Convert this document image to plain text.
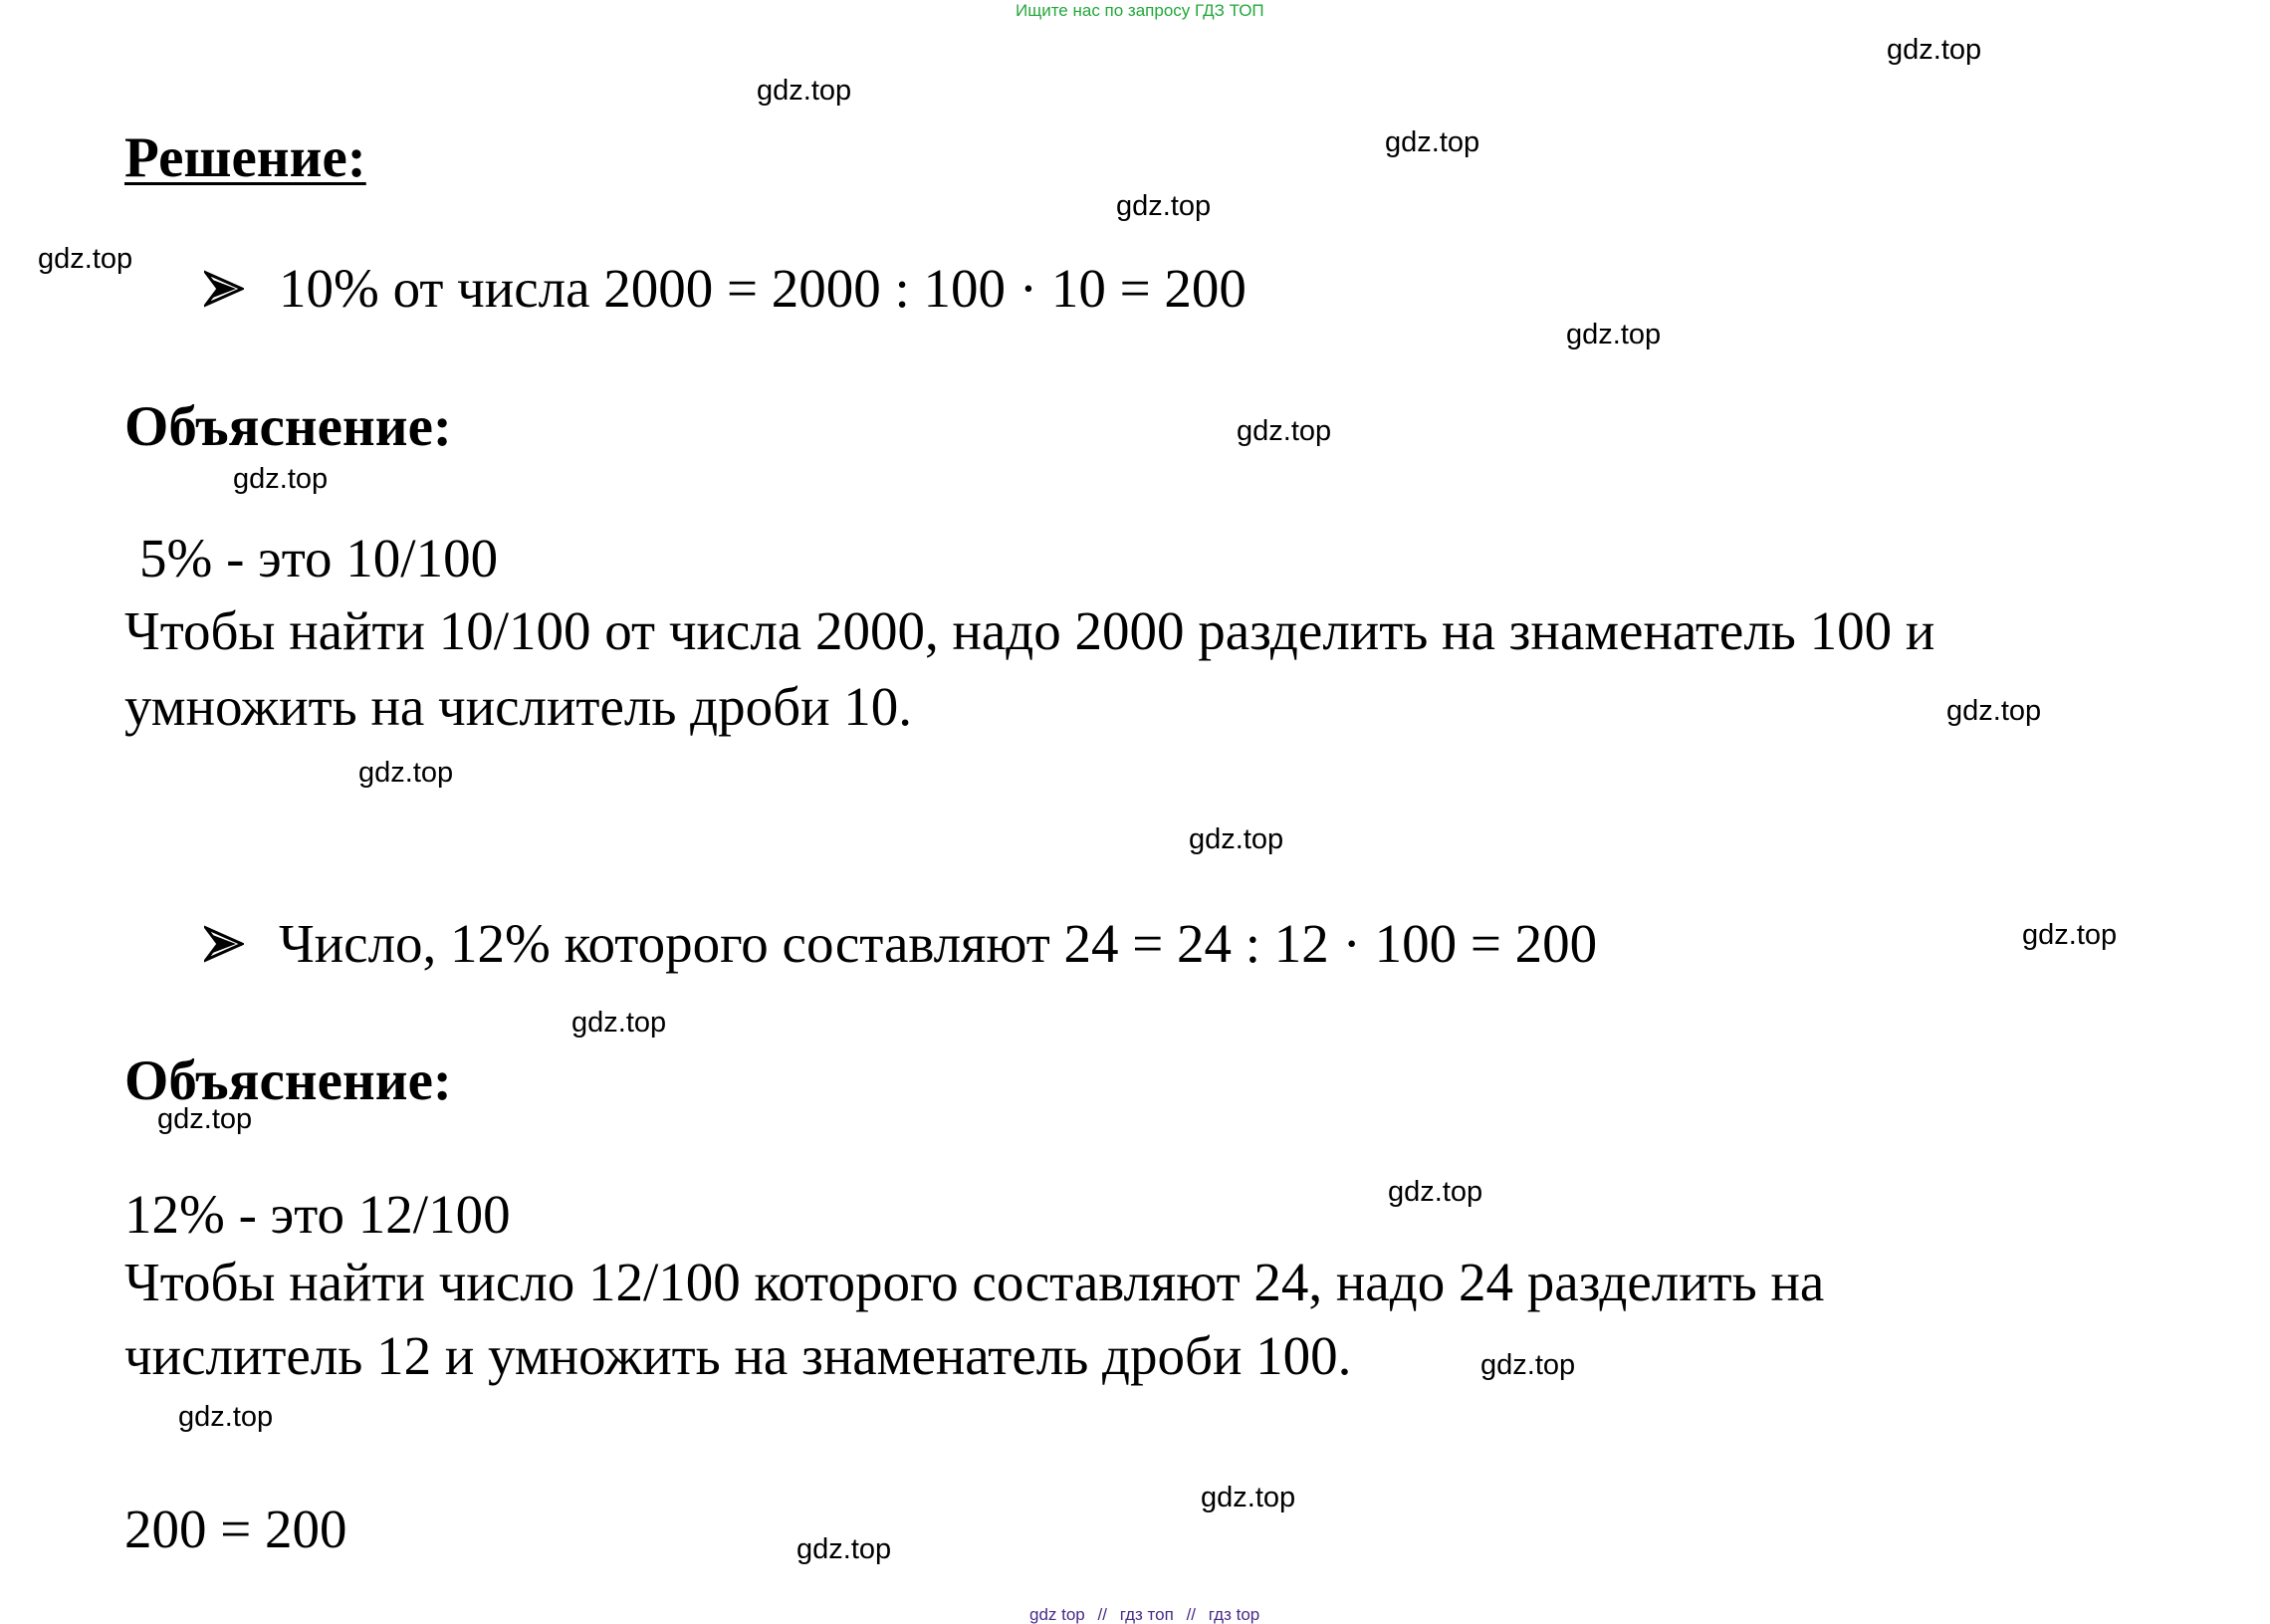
Ищите нас по запросу ГДЗ ТОП
gdz.top
gdz.top
gdz.top
gdz.top
gdz.top
gdz.top
gdz.top
gdz.top
gdz.top
gdz.top
gdz.top
gdz.top
gdz.top
gdz.top
gdz.top
gdz.top
gdz.top
gdz.top
gdz.top
Решение:
10% от числа 2000 = 2000 : 100 · 10 = 200
Объяснение:
5% - это 10/100
Чтобы найти 10/100 от числа 2000, надо 2000 разделить на знаменатель 100 и
умножить на числитель дроби 10.
Число, 12% которого составляют 24 = 24 : 12 · 100 = 200
Объяснение:
12% - это 12/100
Чтобы найти число 12/100 которого составляют 24, надо 24 разделить на
числитель 12 и умножить на знаменатель дроби 100.
200 = 200
gdz top // гдз топ // гдз top
